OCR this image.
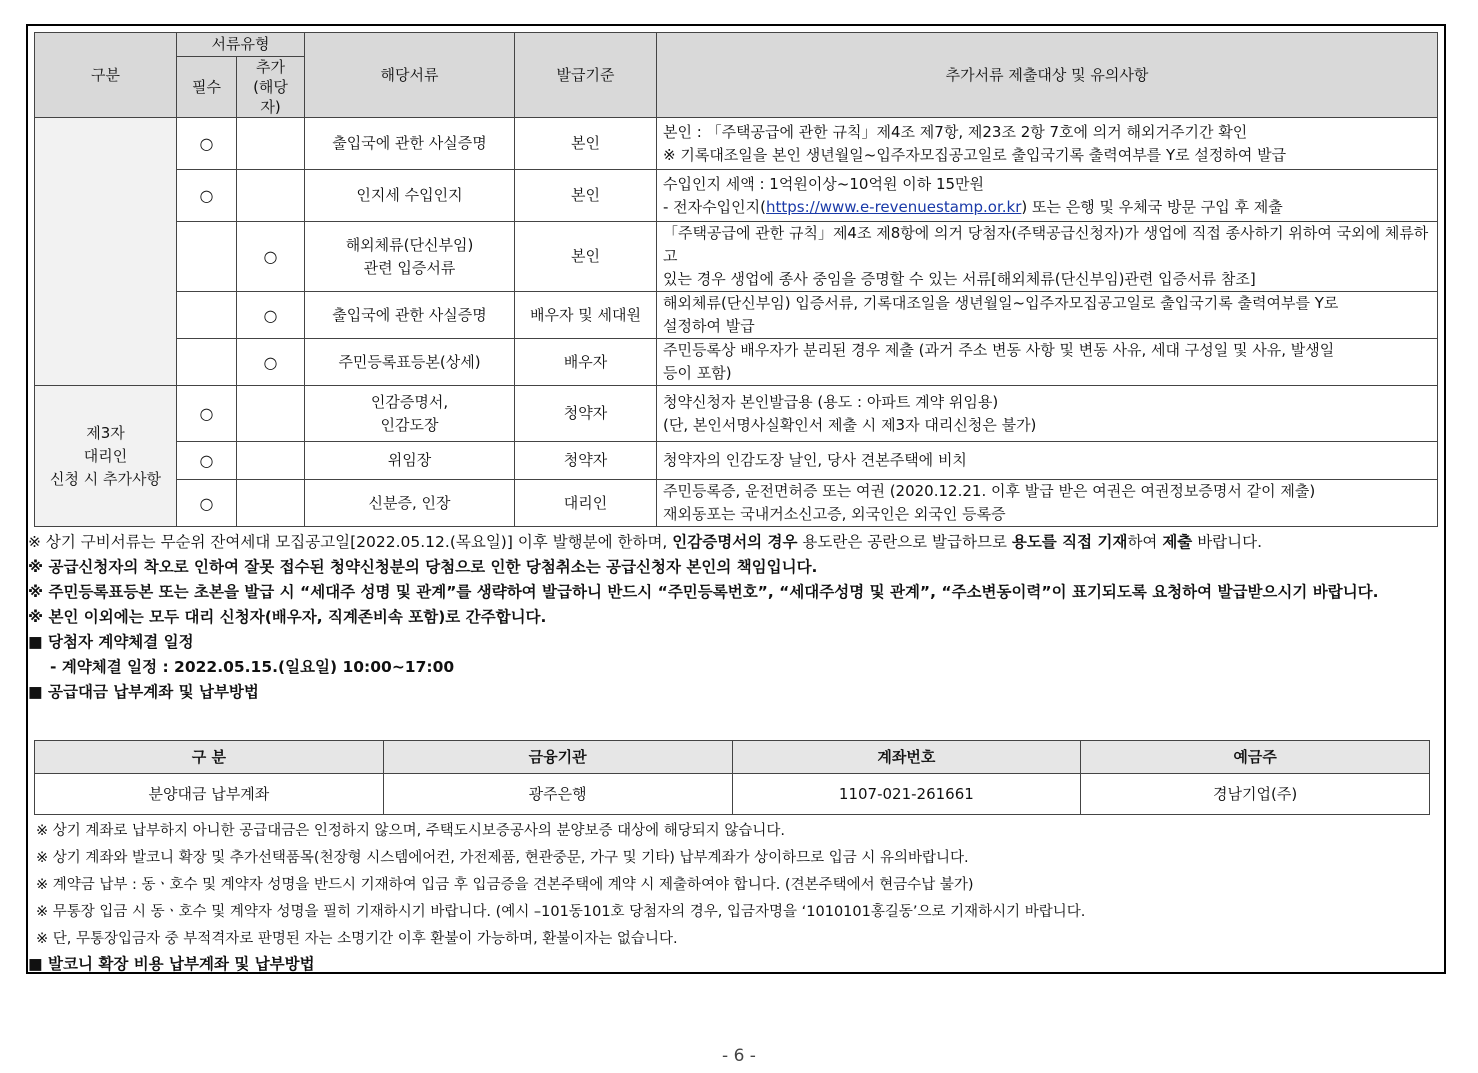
구분	서류유형		해당서류	발급기준	추가서류 제출대상 및 유의사항
	필수	추가
(해당자)			
	○		출입국에 관한 사실증명	본인	본인 : 「주택공급에 관한 규칙」제4조 제7항, 제23조 2항 7호에 의거 해외거주기간 확인
※ 기록대조일을 본인 생년월일~입주자모집공고일로 출입국기록 출력여부를 Y로 설정하여 발급
	○		인지세 수입인지	본인	수입인지 세액 : 1억원이상~10억원 이하 15만원
- 전자수입인지(https://www.e-revenuestamp.or.kr) 또는 은행 및 우체국 방문 구입 후 제출
		○	해외체류(단신부임)
관련 입증서류	본인	「주택공급에 관한 규칙」제4조 제8항에 의거 당첨자(주택공급신청자)가 생업에 직접 종사하기 위하여 국외에 체류하고
있는 경우 생업에 종사 중임을 증명할 수 있는 서류[해외체류(단신부임)관련 입증서류 참조]
		○	출입국에 관한 사실증명	배우자 및 세대원	해외체류(단신부임) 입증서류, 기록대조일을 생년월일~입주자모집공고일로 출입국기록 출력여부를 Y로
설정하여 발급
		○	주민등록표등본(상세)	배우자	주민등록상 배우자가 분리된 경우 제출 (과거 주소 변동 사항 및 변동 사유, 세대 구성일 및 사유, 발생일
등이 포함)
제3자
대리인
신청 시 추가사항	○		인감증명서,
인감도장	청약자	청약신청자 본인발급용 (용도 : 아파트 계약 위임용)
(단, 본인서명사실확인서 제출 시 제3자 대리신청은 불가)
	○		위임장	청약자	청약자의 인감도장 날인, 당사 견본주택에 비치
	○		신분증, 인장	대리인	주민등록증, 운전면허증 또는 여권 (2020.12.21. 이후 발급 받은 여권은 여권정보증명서 같이 제출)
재외동포는 국내거소신고증, 외국인은 외국인 등록증

※ 상기 구비서류는 무순위 잔여세대 모집공고일[2022.05.12.(목요일)] 이후 발행분에 한하며, 인감증명서의 경우 용도란은 공란으로 발급하므로 용도를 직접 기재하여 제출 바랍니다.

※ 공급신청자의 착오로 인하여 잘못 접수된 청약신청분의 당첨으로 인한 당첨취소는 공급신청자 본인의 책임입니다.

※ 주민등록표등본 또는 초본을 발급 시 “세대주 성명 및 관계”를 생략하여 발급하니 반드시 “주민등록번호”, “세대주성명 및 관계”, “주소변동이력”이 표기되도록 요청하여 발급받으시기 바랍니다.

※ 본인 이외에는 모두 대리 신청자(배우자, 직계존비속 포함)로 간주합니다.

■ 당첨자 계약체결 일정

- 계약체결 일정 : 2022.05.15.(일요일) 10:00~17:00

■ 공급대금 납부계좌 및 납부방법

구 분	금융기관	계좌번호	예금주
분양대금 납부계좌	광주은행	1107-021-261661	경남기업(주)

※ 상기 계좌로 납부하지 아니한 공급대금은 인정하지 않으며, 주택도시보증공사의 분양보증 대상에 해당되지 않습니다.

※ 상기 계좌와 발코니 확장 및 추가선택품목(천장형 시스템에어컨, 가전제품, 현관중문, 가구 및 기타) 납부계좌가 상이하므로 입금 시 유의바랍니다.

※ 계약금 납부 : 동ㆍ호수 및 계약자 성명을 반드시 기재하여 입금 후 입금증을 견본주택에 계약 시 제출하여야 합니다. (견본주택에서 현금수납 불가)

※ 무통장 입금 시 동ㆍ호수 및 계약자 성명을 필히 기재하시기 바랍니다. (예시 –101동101호 당첨자의 경우, 입금자명을 ‘1010101홍길동’으로 기재하시기 바랍니다.

※ 단, 무통장입금자 중 부적격자로 판명된 자는 소명기간 이후 환불이 가능하며, 환불이자는 없습니다.

■ 발코니 확장 비용 납부계좌 및 납부방법
- 6 -
